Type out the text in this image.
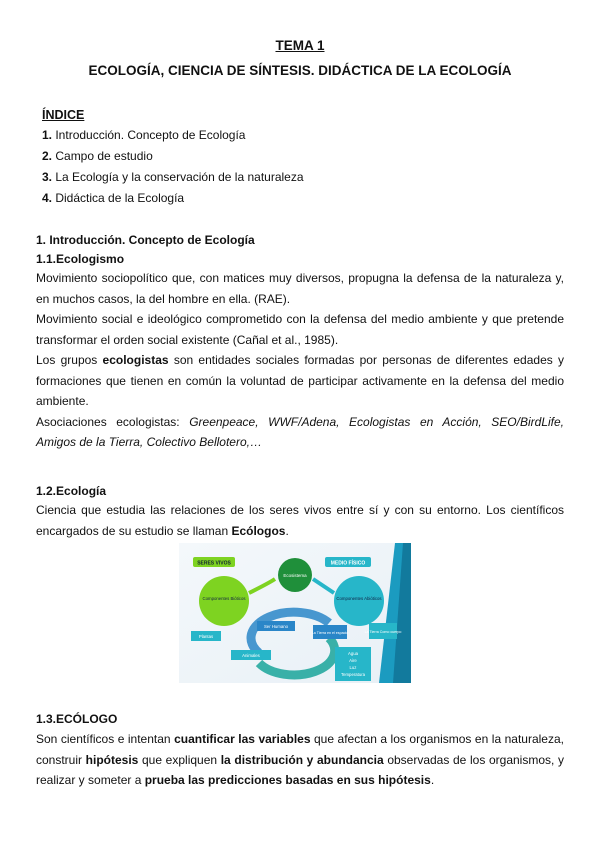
TEMA 1
ECOLOGÍA, CIENCIA DE SÍNTESIS. DIDÁCTICA DE LA ECOLOGÍA
ÍNDICE
1. Introducción. Concepto de Ecología
2. Campo de estudio
3. La Ecología y la conservación de la naturaleza
4. Didáctica de la Ecología
1. Introducción. Concepto de Ecología
1.1.Ecologismo
Movimiento sociopolítico que, con matices muy diversos, propugna la defensa de la naturaleza y,
en muchos casos, la del hombre en ella. (RAE).
Movimiento social e ideológico comprometido con la defensa del medio ambiente y que pretende
transformar el orden social existente (Cañal et al., 1985).
Los grupos ecologistas son entidades sociales formadas por personas de diferentes edades y
formaciones que tienen en común la voluntad de participar activamente en la defensa del medio
ambiente.
Asociaciones ecologistas: Greenpeace, WWF/Adena, Ecologistas en Acción, SEO/BirdLife,
Amigos de la Tierra, Colectivo Bellotero,…
1.2.Ecología
Ciencia que estudia las relaciones de los seres vivos entre sí y con su entorno. Los científicos
encargados de su estudio se llaman Ecólogos.
SERES VIVOS	MEDIO FÍSICO
Ecosistema
Componentes Bióticos	Componentes Abióticos
Plantas
Animales
Ser Humano
La Tierra en el espacio	La Tierra Como cuerpo
Agua
Aire
Luz
Temperatura
1.3.ECÓLOGO
Son científicos e intentan cuantificar las variables que afectan a los organismos en la naturaleza,
construir hipótesis que expliquen la distribución y abundancia observadas de los organismos, y
realizar y someter a prueba las predicciones basadas en sus hipótesis.
